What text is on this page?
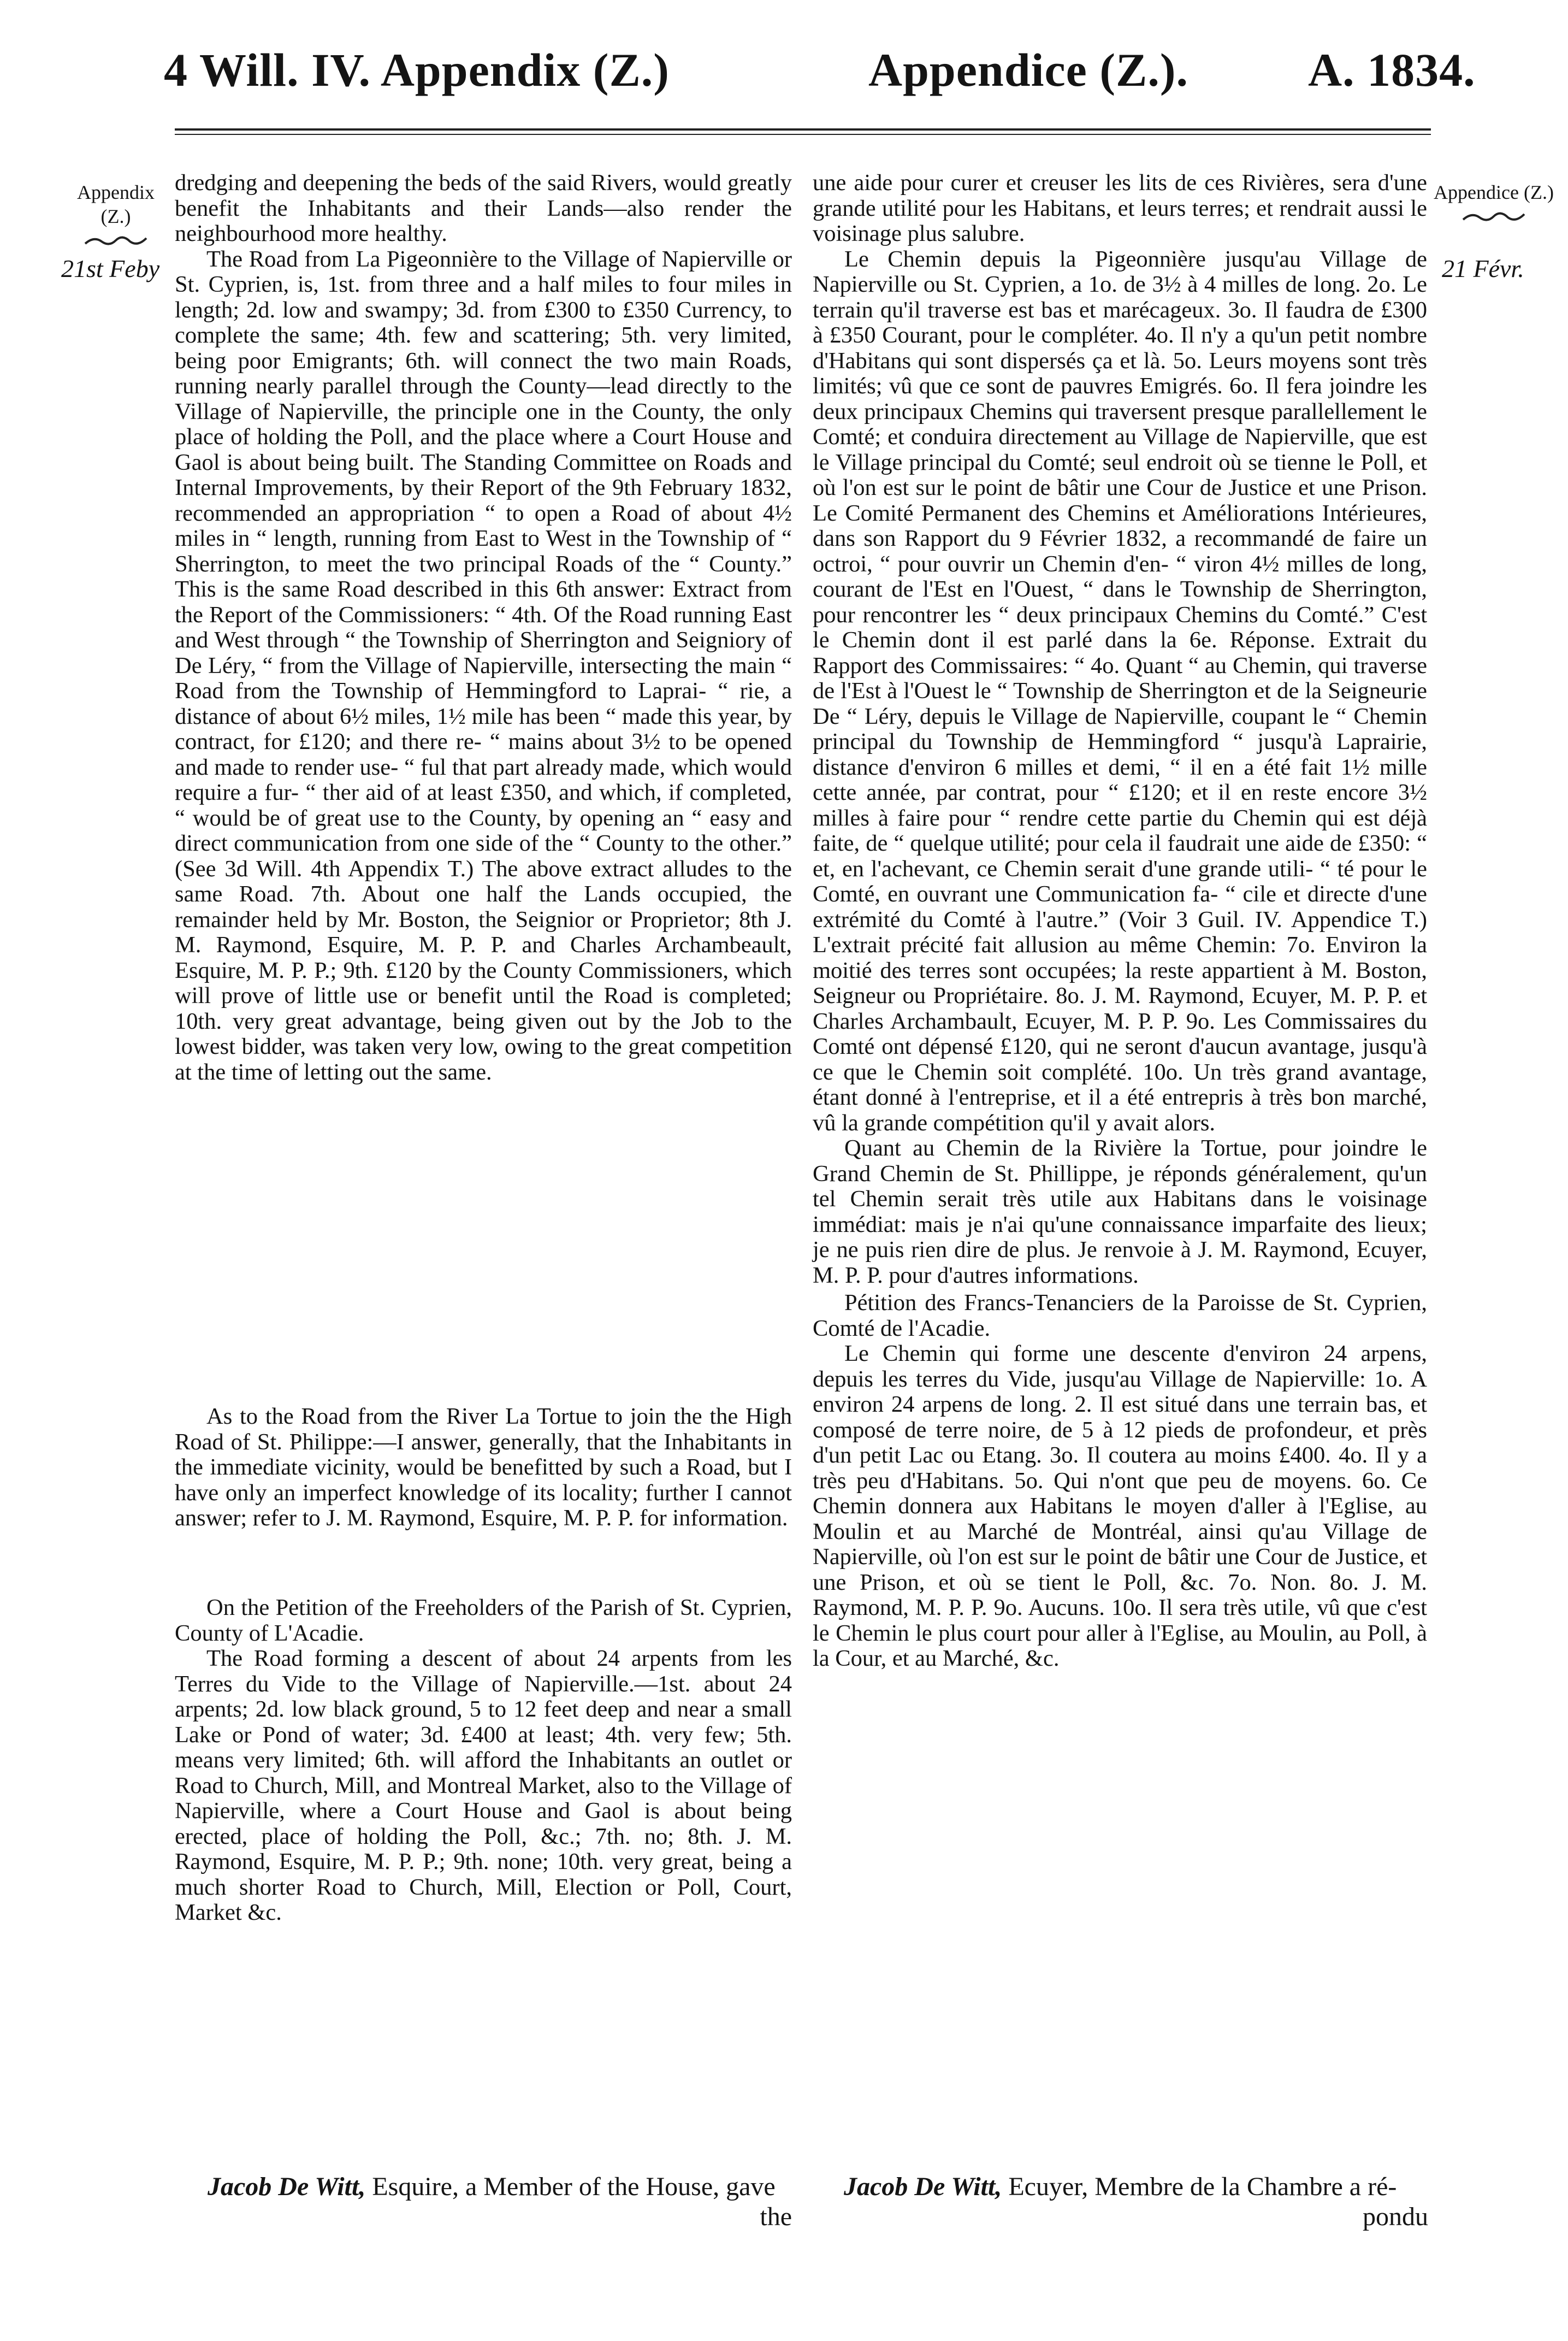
4 Will. IV. Appendix (Z.)	Appendice (Z.).	A. 1834.
Appendix (Z.)
21st Feby
Appendice (Z.)
21 Févr.

dredging and deepening the beds of the said Rivers, would greatly benefit the Inhabitants and their Lands—also render the neighbourhood more healthy.

The Road from La Pigeonnière to the Village of Napierville or St. Cyprien, is, 1st. from three and a half miles to four miles in length; 2d. low and swampy; 3d. from £300 to £350 Currency, to complete the same; 4th. few and scattering; 5th. very limited, being poor Emigrants; 6th. will connect the two main Roads, running nearly parallel through the County—lead directly to the Village of Napierville, the principle one in the County, the only place of holding the Poll, and the place where a Court House and Gaol is about being built. The Standing Committee on Roads and Internal Improvements, by their Report of the 9th February 1832, recommended an appropriation “ to open a Road of about 4½ miles in “ length, running from East to West in the Township of “ Sherrington, to meet the two principal Roads of the “ County.” This is the same Road described in this 6th answer: Extract from the Report of the Commissioners: “ 4th. Of the Road running East and West through “ the Township of Sherrington and Seigniory of De Léry, “ from the Village of Napierville, intersecting the main “ Road from the Township of Hemmingford to Laprai- “ rie, a distance of about 6½ miles, 1½ mile has been “ made this year, by contract, for £120; and there re- “ mains about 3½ to be opened and made to render use- “ ful that part already made, which would require a fur- “ ther aid of at least £350, and which, if completed, “ would be of great use to the County, by opening an “ easy and direct communication from one side of the “ County to the other.” (See 3d Will. 4th Appendix T.) The above extract alludes to the same Road. 7th. About one half the Lands occupied, the remainder held by Mr. Boston, the Seignior or Proprietor; 8th J. M. Raymond, Esquire, M. P. P. and Charles Archambeault, Esquire, M. P. P.; 9th. £120 by the County Commissioners, which will prove of little use or benefit until the Road is completed; 10th. very great advantage, being given out by the Job to the lowest bidder, was taken very low, owing to the great competition at the time of letting out the same.

As to the Road from the River La Tortue to join the the High Road of St. Philippe:—I answer, generally, that the Inhabitants in the immediate vicinity, would be benefitted by such a Road, but I have only an imperfect knowledge of its locality; further I cannot answer; refer to J. M. Raymond, Esquire, M. P. P. for information.

On the Petition of the Freeholders of the Parish of St. Cyprien, County of L'Acadie.

The Road forming a descent of about 24 arpents from les Terres du Vide to the Village of Napierville.—1st. about 24 arpents; 2d. low black ground, 5 to 12 feet deep and near a small Lake or Pond of water; 3d. £400 at least; 4th. very few; 5th. means very limited; 6th. will afford the Inhabitants an outlet or Road to Church, Mill, and Montreal Market, also to the Village of Napierville, where a Court House and Gaol is about being erected, place of holding the Poll, &c.; 7th. no; 8th. J. M. Raymond, Esquire, M. P. P.; 9th. none; 10th. very great, being a much shorter Road to Church, Mill, Election or Poll, Court, Market &c.

une aide pour curer et creuser les lits de ces Rivières, sera d'une grande utilité pour les Habitans, et leurs terres; et rendrait aussi le voisinage plus salubre.

Le Chemin depuis la Pigeonnière jusqu'au Village de Napierville ou St. Cyprien, a 1o. de 3½ à 4 milles de long. 2o. Le terrain qu'il traverse est bas et marécageux. 3o. Il faudra de £300 à £350 Courant, pour le compléter. 4o. Il n'y a qu'un petit nombre d'Habitans qui sont dispersés ça et là. 5o. Leurs moyens sont très limités; vû que ce sont de pauvres Emigrés. 6o. Il fera joindre les deux principaux Chemins qui traversent presque parallellement le Comté; et conduira directement au Village de Napierville, que est le Village principal du Comté; seul endroit où se tienne le Poll, et où l'on est sur le point de bâtir une Cour de Justice et une Prison. Le Comité Permanent des Chemins et Améliorations Intérieures, dans son Rapport du 9 Février 1832, a recommandé de faire un octroi, “ pour ouvrir un Chemin d'en- “ viron 4½ milles de long, courant de l'Est en l'Ouest, “ dans le Township de Sherrington, pour rencontrer les “ deux principaux Chemins du Comté.” C'est le Chemin dont il est parlé dans la 6e. Réponse. Extrait du Rapport des Commissaires: “ 4o. Quant “ au Chemin, qui traverse de l'Est à l'Ouest le “ Township de Sherrington et de la Seigneurie De “ Léry, depuis le Village de Napierville, coupant le “ Chemin principal du Township de Hemmingford “ jusqu'à Laprairie, distance d'environ 6 milles et demi, “ il en a été fait 1½ mille cette année, par contrat, pour “ £120; et il en reste encore 3½ milles à faire pour “ rendre cette partie du Chemin qui est déjà faite, de “ quelque utilité; pour cela il faudrait une aide de £350: “ et, en l'achevant, ce Chemin serait d'une grande utili- “ té pour le Comté, en ouvrant une Communication fa- “ cile et directe d'une extrémité du Comté à l'autre.” (Voir 3 Guil. IV. Appendice T.) L'extrait précité fait allusion au même Chemin: 7o. Environ la moitié des terres sont occupées; la reste appartient à M. Boston, Seigneur ou Propriétaire. 8o. J. M. Raymond, Ecuyer, M. P. P. et Charles Archambault, Ecuyer, M. P. P. 9o. Les Commissaires du Comté ont dépensé £120, qui ne seront d'aucun avantage, jusqu'à ce que le Chemin soit complété. 10o. Un très grand avantage, étant donné à l'entreprise, et il a été entrepris à très bon marché, vû la grande compétition qu'il y avait alors.

Quant au Chemin de la Rivière la Tortue, pour joindre le Grand Chemin de St. Phillippe, je réponds généralement, qu'un tel Chemin serait très utile aux Habitans dans le voisinage immédiat: mais je n'ai qu'une connaissance imparfaite des lieux; je ne puis rien dire de plus. Je renvoie à J. M. Raymond, Ecuyer, M. P. P. pour d'autres informations.

Pétition des Francs-Tenanciers de la Paroisse de St. Cyprien, Comté de l'Acadie.

Le Chemin qui forme une descente d'environ 24 arpens, depuis les terres du Vide, jusqu'au Village de Napierville: 1o. A environ 24 arpens de long. 2. Il est situé dans une terrain bas, et composé de terre noire, de 5 à 12 pieds de profondeur, et près d'un petit Lac ou Etang. 3o. Il coutera au moins £400. 4o. Il y a très peu d'Habitans. 5o. Qui n'ont que peu de moyens. 6o. Ce Chemin donnera aux Habitans le moyen d'aller à l'Eglise, au Moulin et au Marché de Montréal, ainsi qu'au Village de Napierville, où l'on est sur le point de bâtir une Cour de Justice, et une Prison, et où se tient le Poll, &c. 7o. Non. 8o. J. M. Raymond, M. P. P. 9o. Aucuns. 10o. Il sera très utile, vû que c'est le Chemin le plus court pour aller à l'Eglise, au Moulin, au Poll, à la Cour, et au Marché, &c.

Jacob De Witt, Esquire, a Member of the House, gave
the
Jacob De Witt, Ecuyer, Membre de la Chambre a ré-
pondu
